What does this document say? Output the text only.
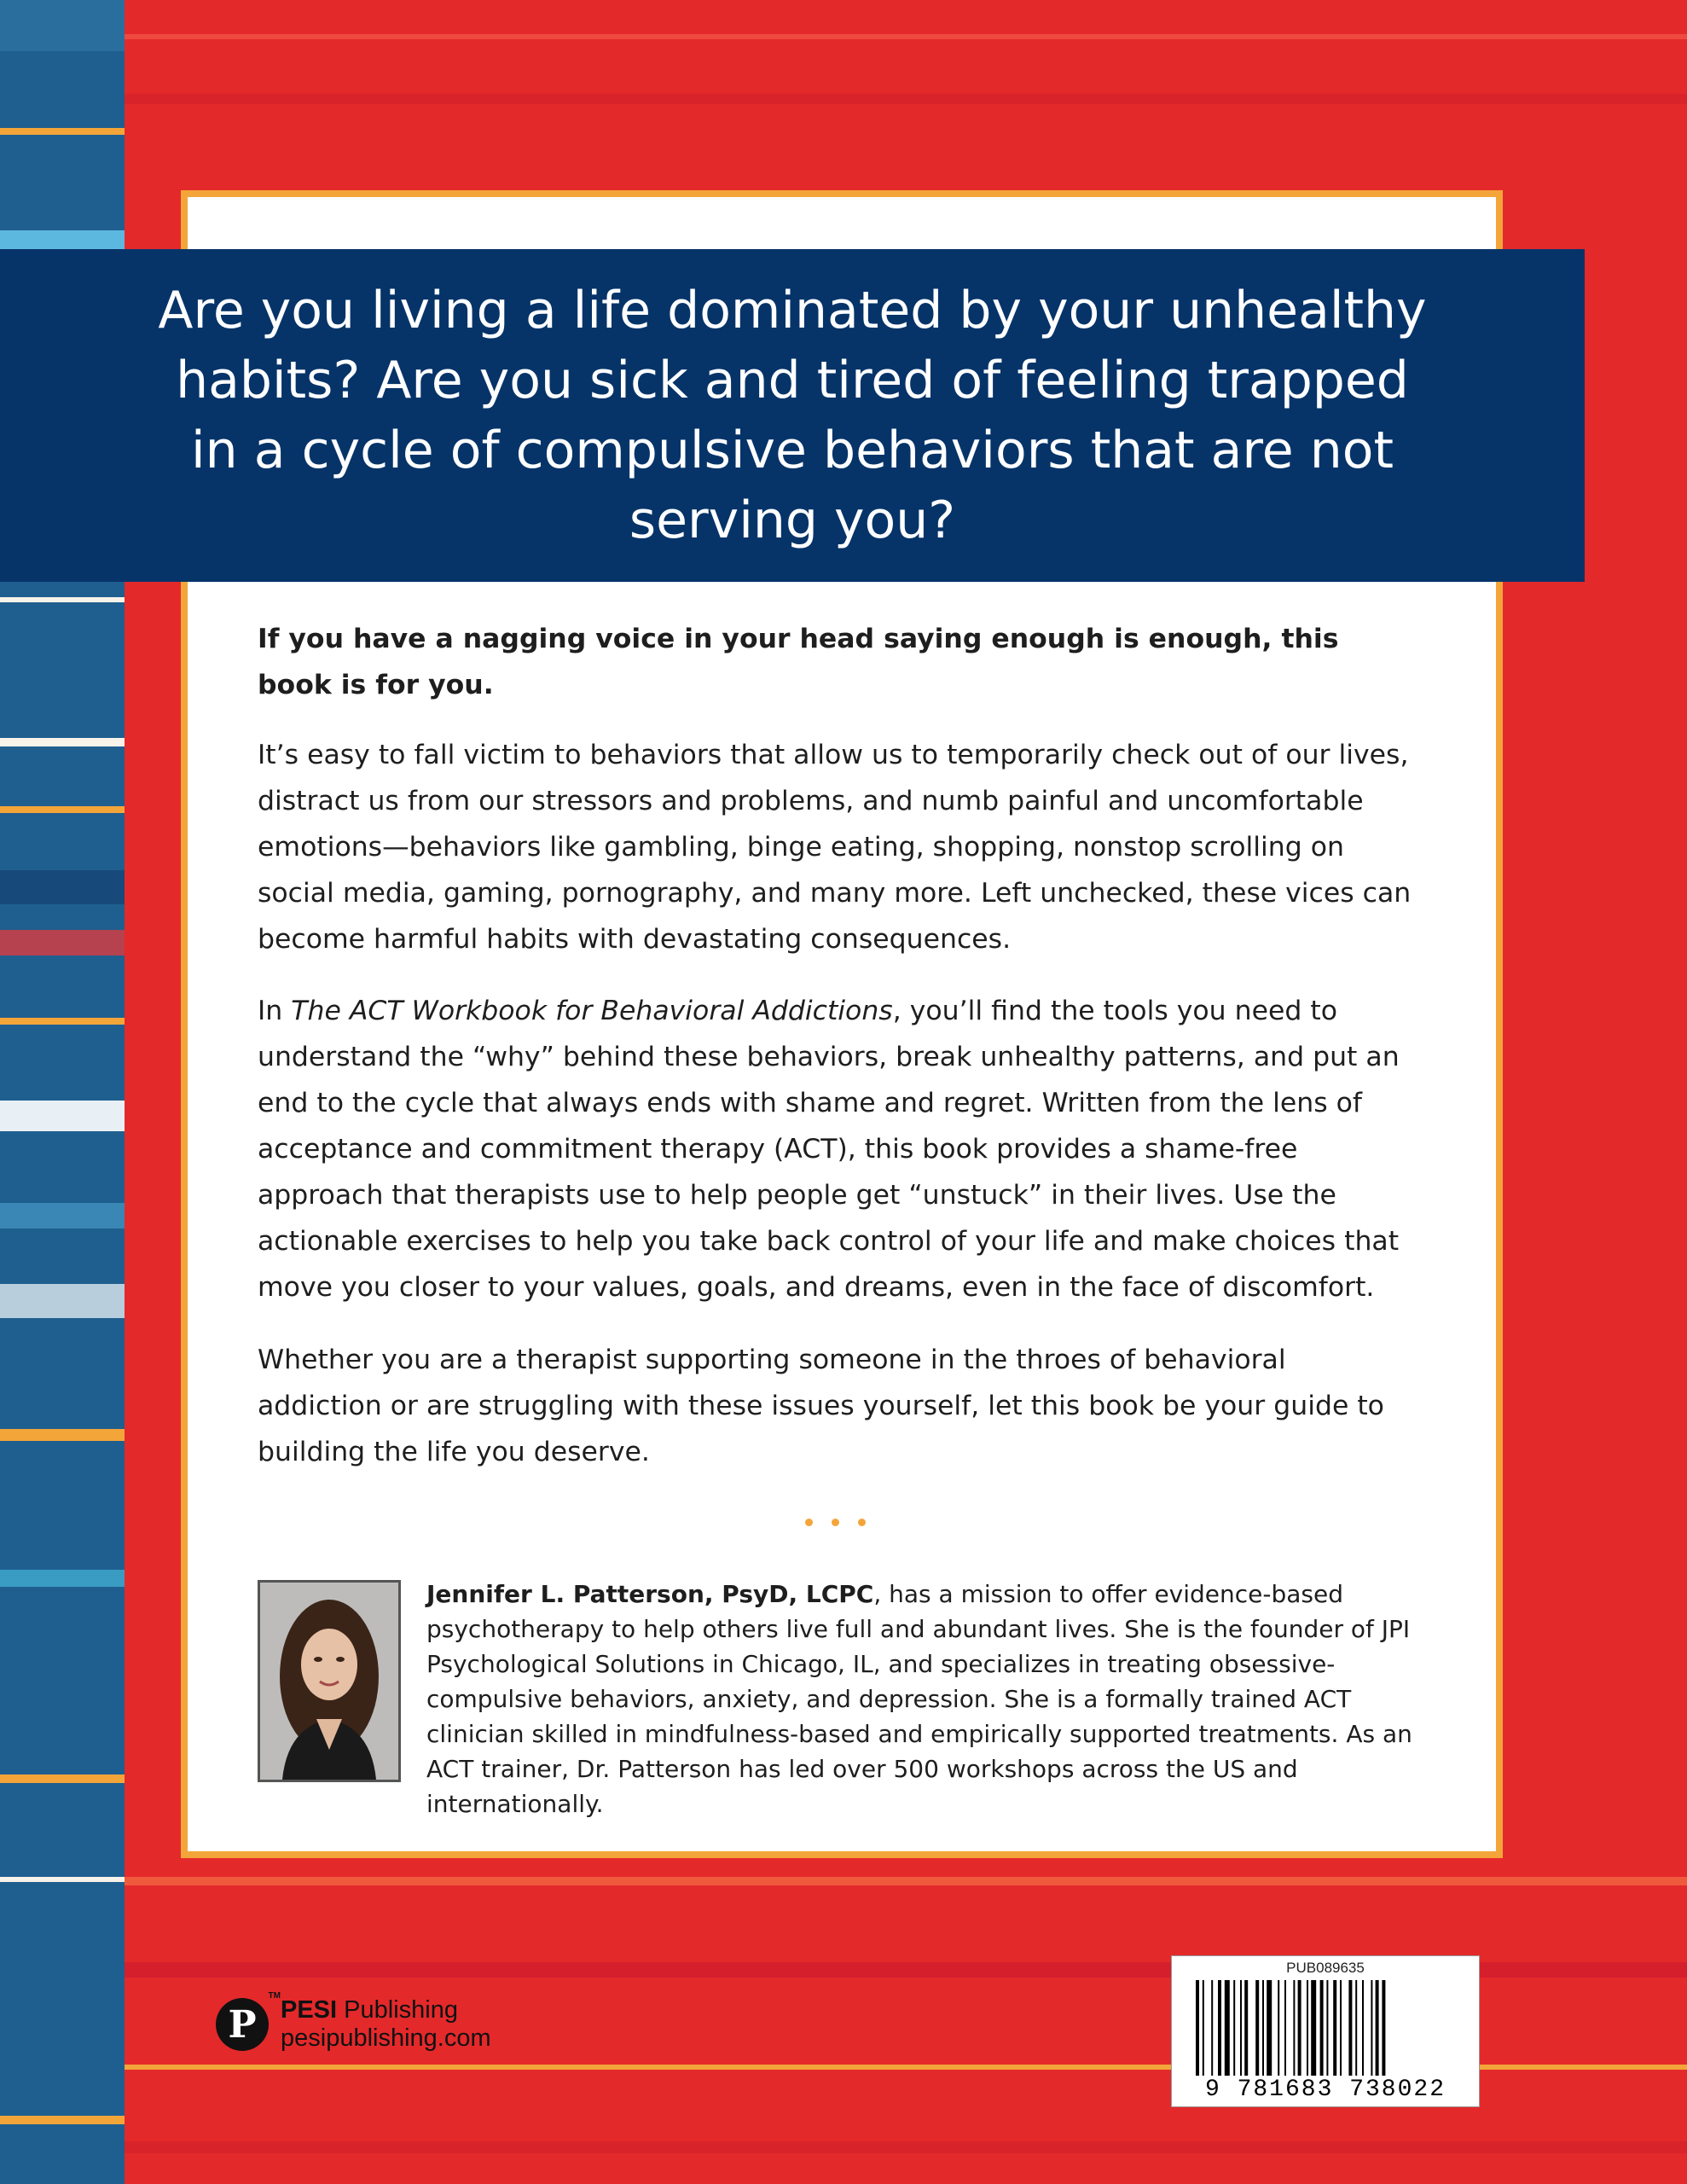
Are you living a life dominated by your unhealthy habits? Are you sick and tired of feeling trapped in a cycle of compulsive behaviors that are not serving you?
If you have a nagging voice in your head saying enough is enough, this book is for you.
It’s easy to fall victim to behaviors that allow us to temporarily check out of our lives, distract us from our stressors and problems, and numb painful and uncomfortable emotions—behaviors like gambling, binge eating, shopping, nonstop scrolling on social media, gaming, pornography, and many more. Left unchecked, these vices can become harmful habits with devastating consequences.
In The ACT Workbook for Behavioral Addictions, you’ll find the tools you need to understand the “why” behind these behaviors, break unhealthy patterns, and put an end to the cycle that always ends with shame and regret. Written from the lens of acceptance and commitment therapy (ACT), this book provides a shame-free approach that therapists use to help people get “unstuck” in their lives. Use the actionable exercises to help you take back control of your life and make choices that move you closer to your values, goals, and dreams, even in the face of discomfort.
Whether you are a therapist supporting someone in the throes of behavioral addiction or are struggling with these issues yourself, let this book be your guide to building the life you deserve.
Jennifer L. Patterson, PsyD, LCPC, has a mission to offer evidence-based psychotherapy to help others live full and abundant lives. She is the founder of JPI Psychological Solutions in Chicago, IL, and specializes in treating obsessive-compulsive behaviors, anxiety, and depression. She is a formally trained ACT clinician skilled in mindfulness-based and empirically supported treatments. As an ACT trainer, Dr. Patterson has led over 500 workshops across the US and internationally.
P
TM
PESI Publishing
pesipublishing.com
PUB089635
9 781683 738022
